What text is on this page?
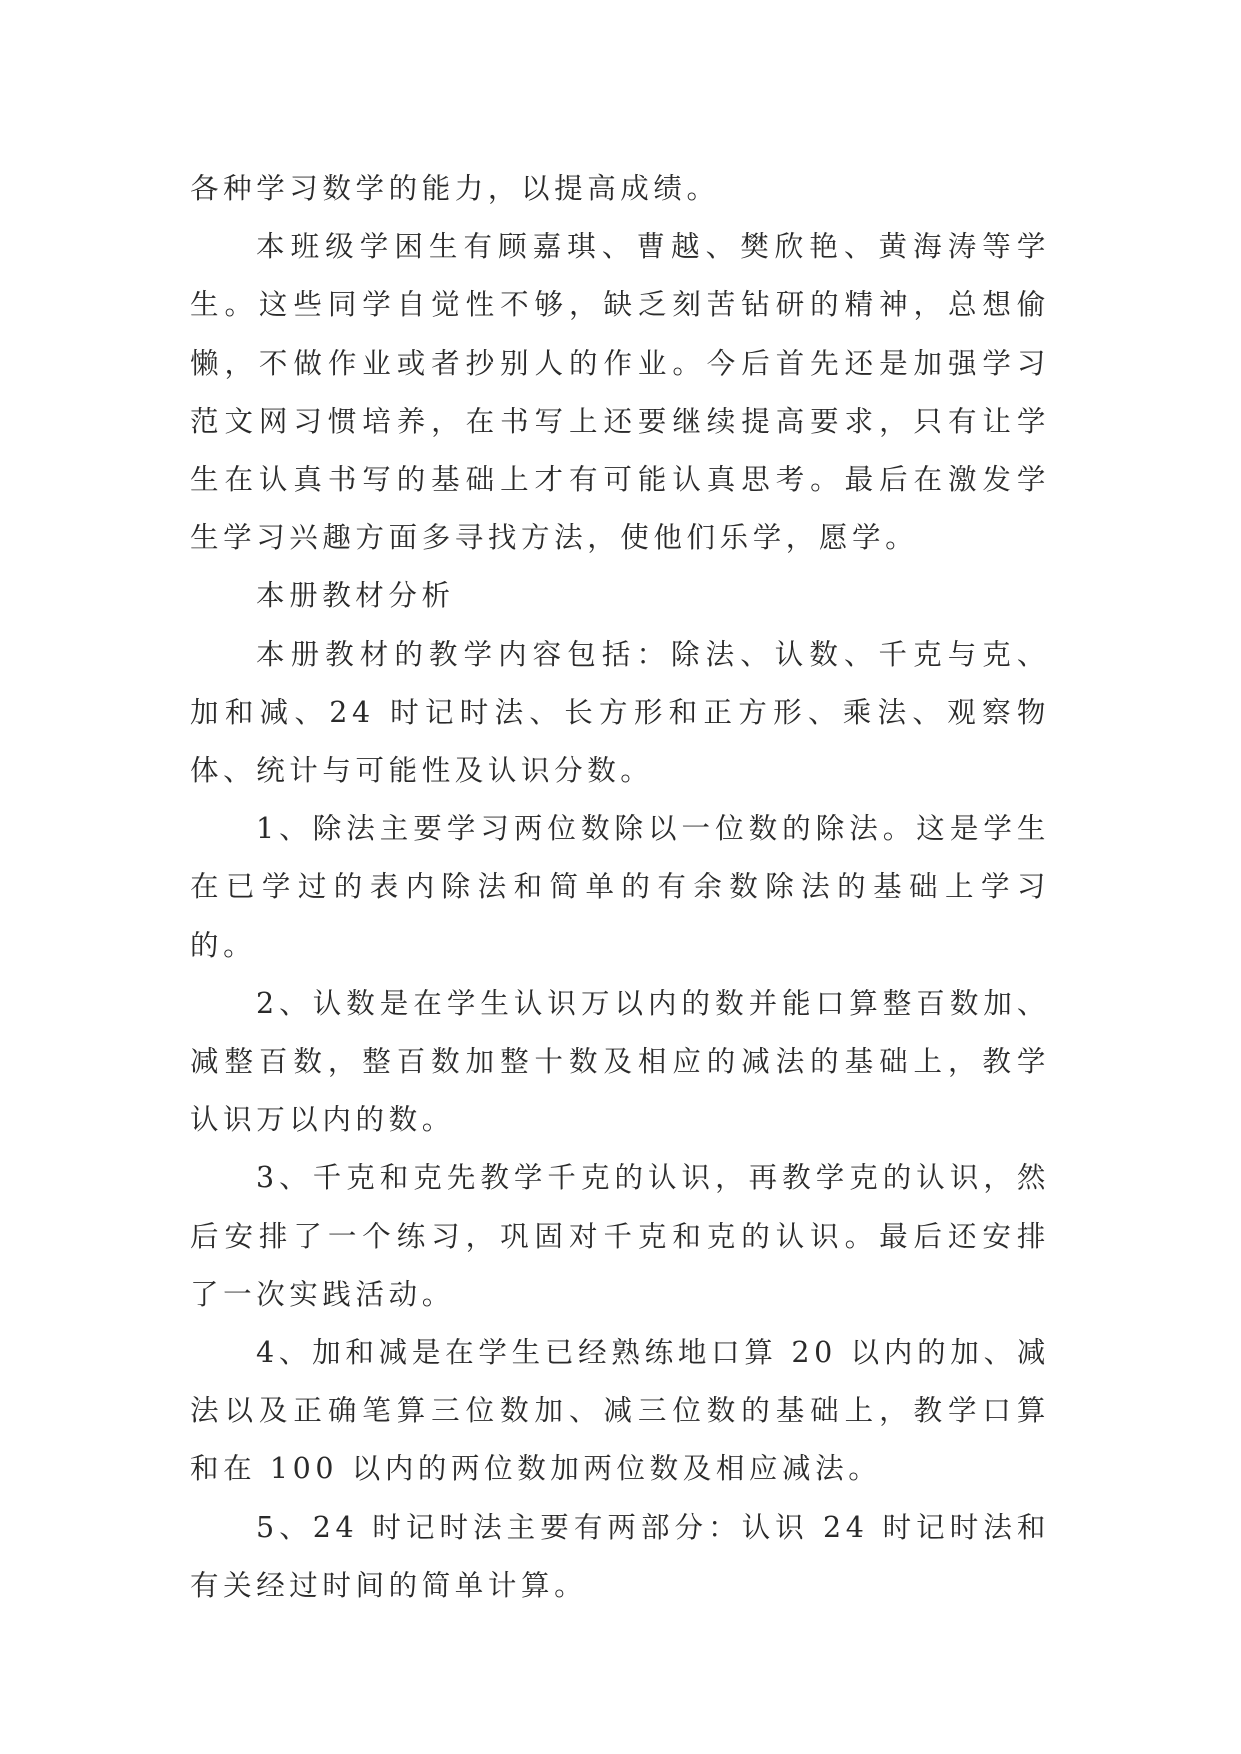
各种学习数学的能力，以提高成绩。

本班级学困生有顾嘉琪、曹越、樊欣艳、黄海涛等学生。这些同学自觉性不够，缺乏刻苦钻研的精神，总想偷懒，不做作业或者抄别人的作业。今后首先还是加强学习范文网习惯培养，在书写上还要继续提高要求，只有让学生在认真书写的基础上才有可能认真思考。最后在激发学生学习兴趣方面多寻找方法，使他们乐学，愿学。

本册教材分析

本册教材的教学内容包括：除法、认数、千克与克、加和减、24 时记时法、长方形和正方形、乘法、观察物体、统计与可能性及认识分数。

1、除法主要学习两位数除以一位数的除法。这是学生在已学过的表内除法和简单的有余数除法的基础上学习的。

2、认数是在学生认识万以内的数并能口算整百数加、减整百数，整百数加整十数及相应的减法的基础上，教学认识万以内的数。

3、千克和克先教学千克的认识，再教学克的认识，然后安排了一个练习，巩固对千克和克的认识。最后还安排了一次实践活动。

4、加和减是在学生已经熟练地口算 20 以内的加、减法以及正确笔算三位数加、减三位数的基础上，教学口算和在 100 以内的两位数加两位数及相应减法。

5、24 时记时法主要有两部分：认识 24 时记时法和有关经过时间的简单计算。
